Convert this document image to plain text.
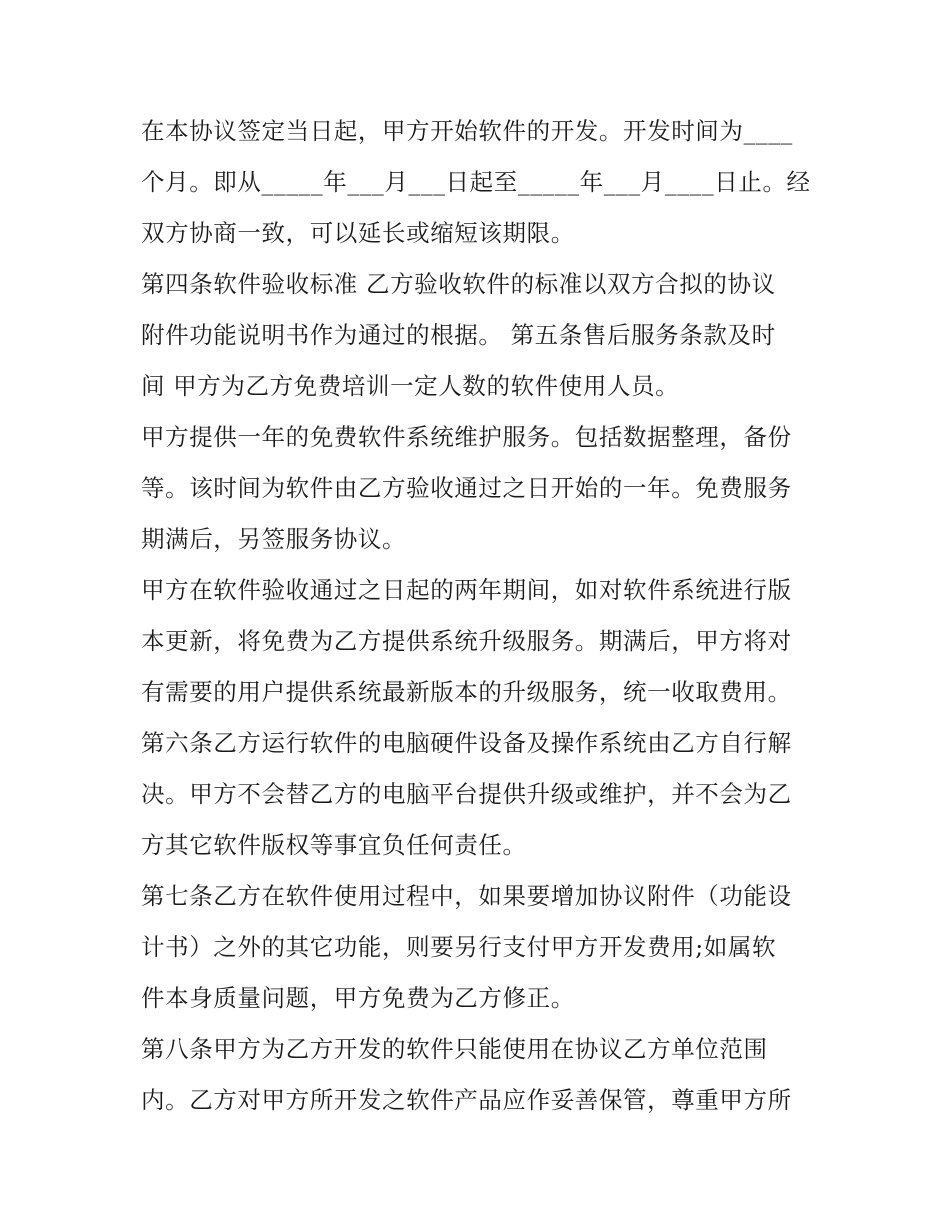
在本协议签定当日起，甲方开始软件的开发。开发时间为____
个月。即从_____年___月___日起至_____年___月____日止。经
双方协商一致，可以延长或缩短该期限。
第四条软件验收标准 乙方验收软件的标准以双方合拟的协议
附件功能说明书作为通过的根据。 第五条售后服务条款及时
间 甲方为乙方免费培训一定人数的软件使用人员。
甲方提供一年的免费软件系统维护服务。包括数据整理，备份
等。该时间为软件由乙方验收通过之日开始的一年。免费服务
期满后，另签服务协议。
甲方在软件验收通过之日起的两年期间，如对软件系统进行版
本更新，将免费为乙方提供系统升级服务。期满后，甲方将对
有需要的用户提供系统最新版本的升级服务，统一收取费用。
第六条乙方运行软件的电脑硬件设备及操作系统由乙方自行解
决。甲方不会替乙方的电脑平台提供升级或维护，并不会为乙
方其它软件版权等事宜负任何责任。
第七条乙方在软件使用过程中，如果要增加协议附件（功能设
计书）之外的其它功能，则要另行支付甲方开发费用;如属软
件本身质量问题，甲方免费为乙方修正。
第八条甲方为乙方开发的软件只能使用在协议乙方单位范围
内。乙方对甲方所开发之软件产品应作妥善保管，尊重甲方所
